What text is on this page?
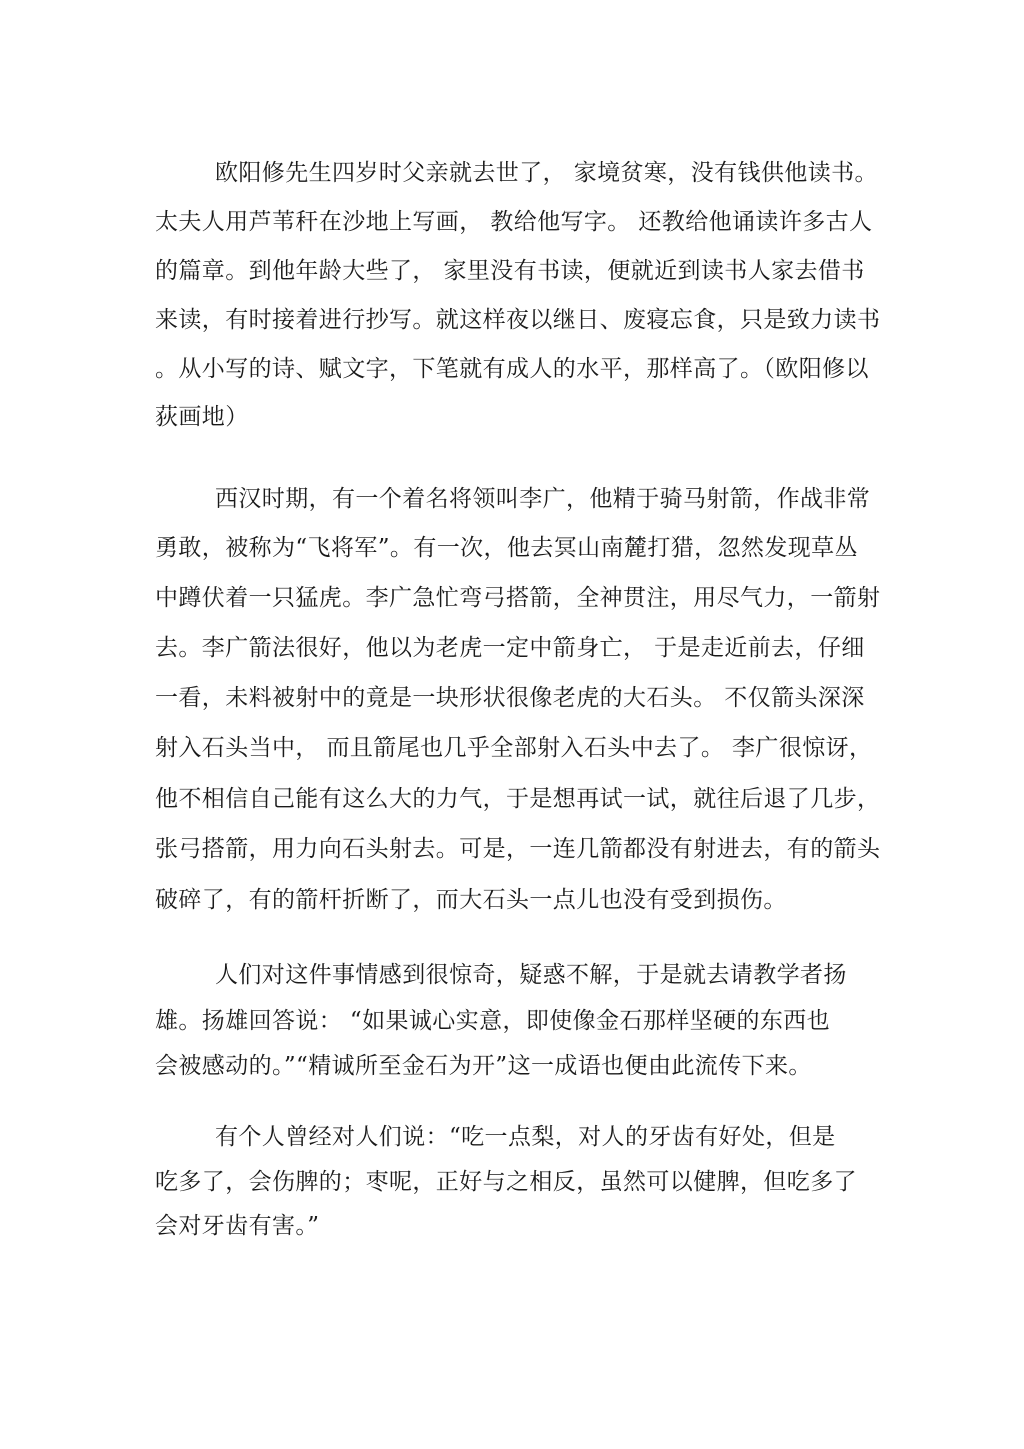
欧阳修先生四岁时父亲就去世了， 家境贫寒，没有钱供他读书。
太夫人用芦苇秆在沙地上写画， 教给他写字。 还教给他诵读许多古人
的篇章。到他年龄大些了， 家里没有书读，便就近到读书人家去借书
来读，有时接着进行抄写。就这样夜以继日、废寝忘食，只是致力读书
。从小写的诗、赋文字，下笔就有成人的水平，那样高了。（欧阳修以
荻画地）
西汉时期，有一个着名将领叫李广，他精于骑马射箭，作战非常
勇敢，被称为“飞将军”。有一次，他去冥山南麓打猎，忽然发现草丛
中蹲伏着一只猛虎。李广急忙弯弓搭箭，全神贯注，用尽气力，一箭射
去。李广箭法很好，他以为老虎一定中箭身亡， 于是走近前去，仔细
一看，未料被射中的竟是一块形状很像老虎的大石头。 不仅箭头深深
射入石头当中， 而且箭尾也几乎全部射入石头中去了。 李广很惊讶，
他不相信自己能有这么大的力气，于是想再试一试，就往后退了几步，
张弓搭箭，用力向石头射去。可是，一连几箭都没有射进去，有的箭头
破碎了，有的箭杆折断了，而大石头一点儿也没有受到损伤。
人们对这件事情感到很惊奇，疑惑不解，于是就去请教学者扬
雄。扬雄回答说： “如果诚心实意，即使像金石那样坚硬的东西也
会被感动的。”“精诚所至金石为开”这一成语也便由此流传下来。
有个人曾经对人们说：“吃一点梨，对人的牙齿有好处，但是
吃多了，会伤脾的；枣呢，正好与之相反，虽然可以健脾，但吃多了
会对牙齿有害。”
